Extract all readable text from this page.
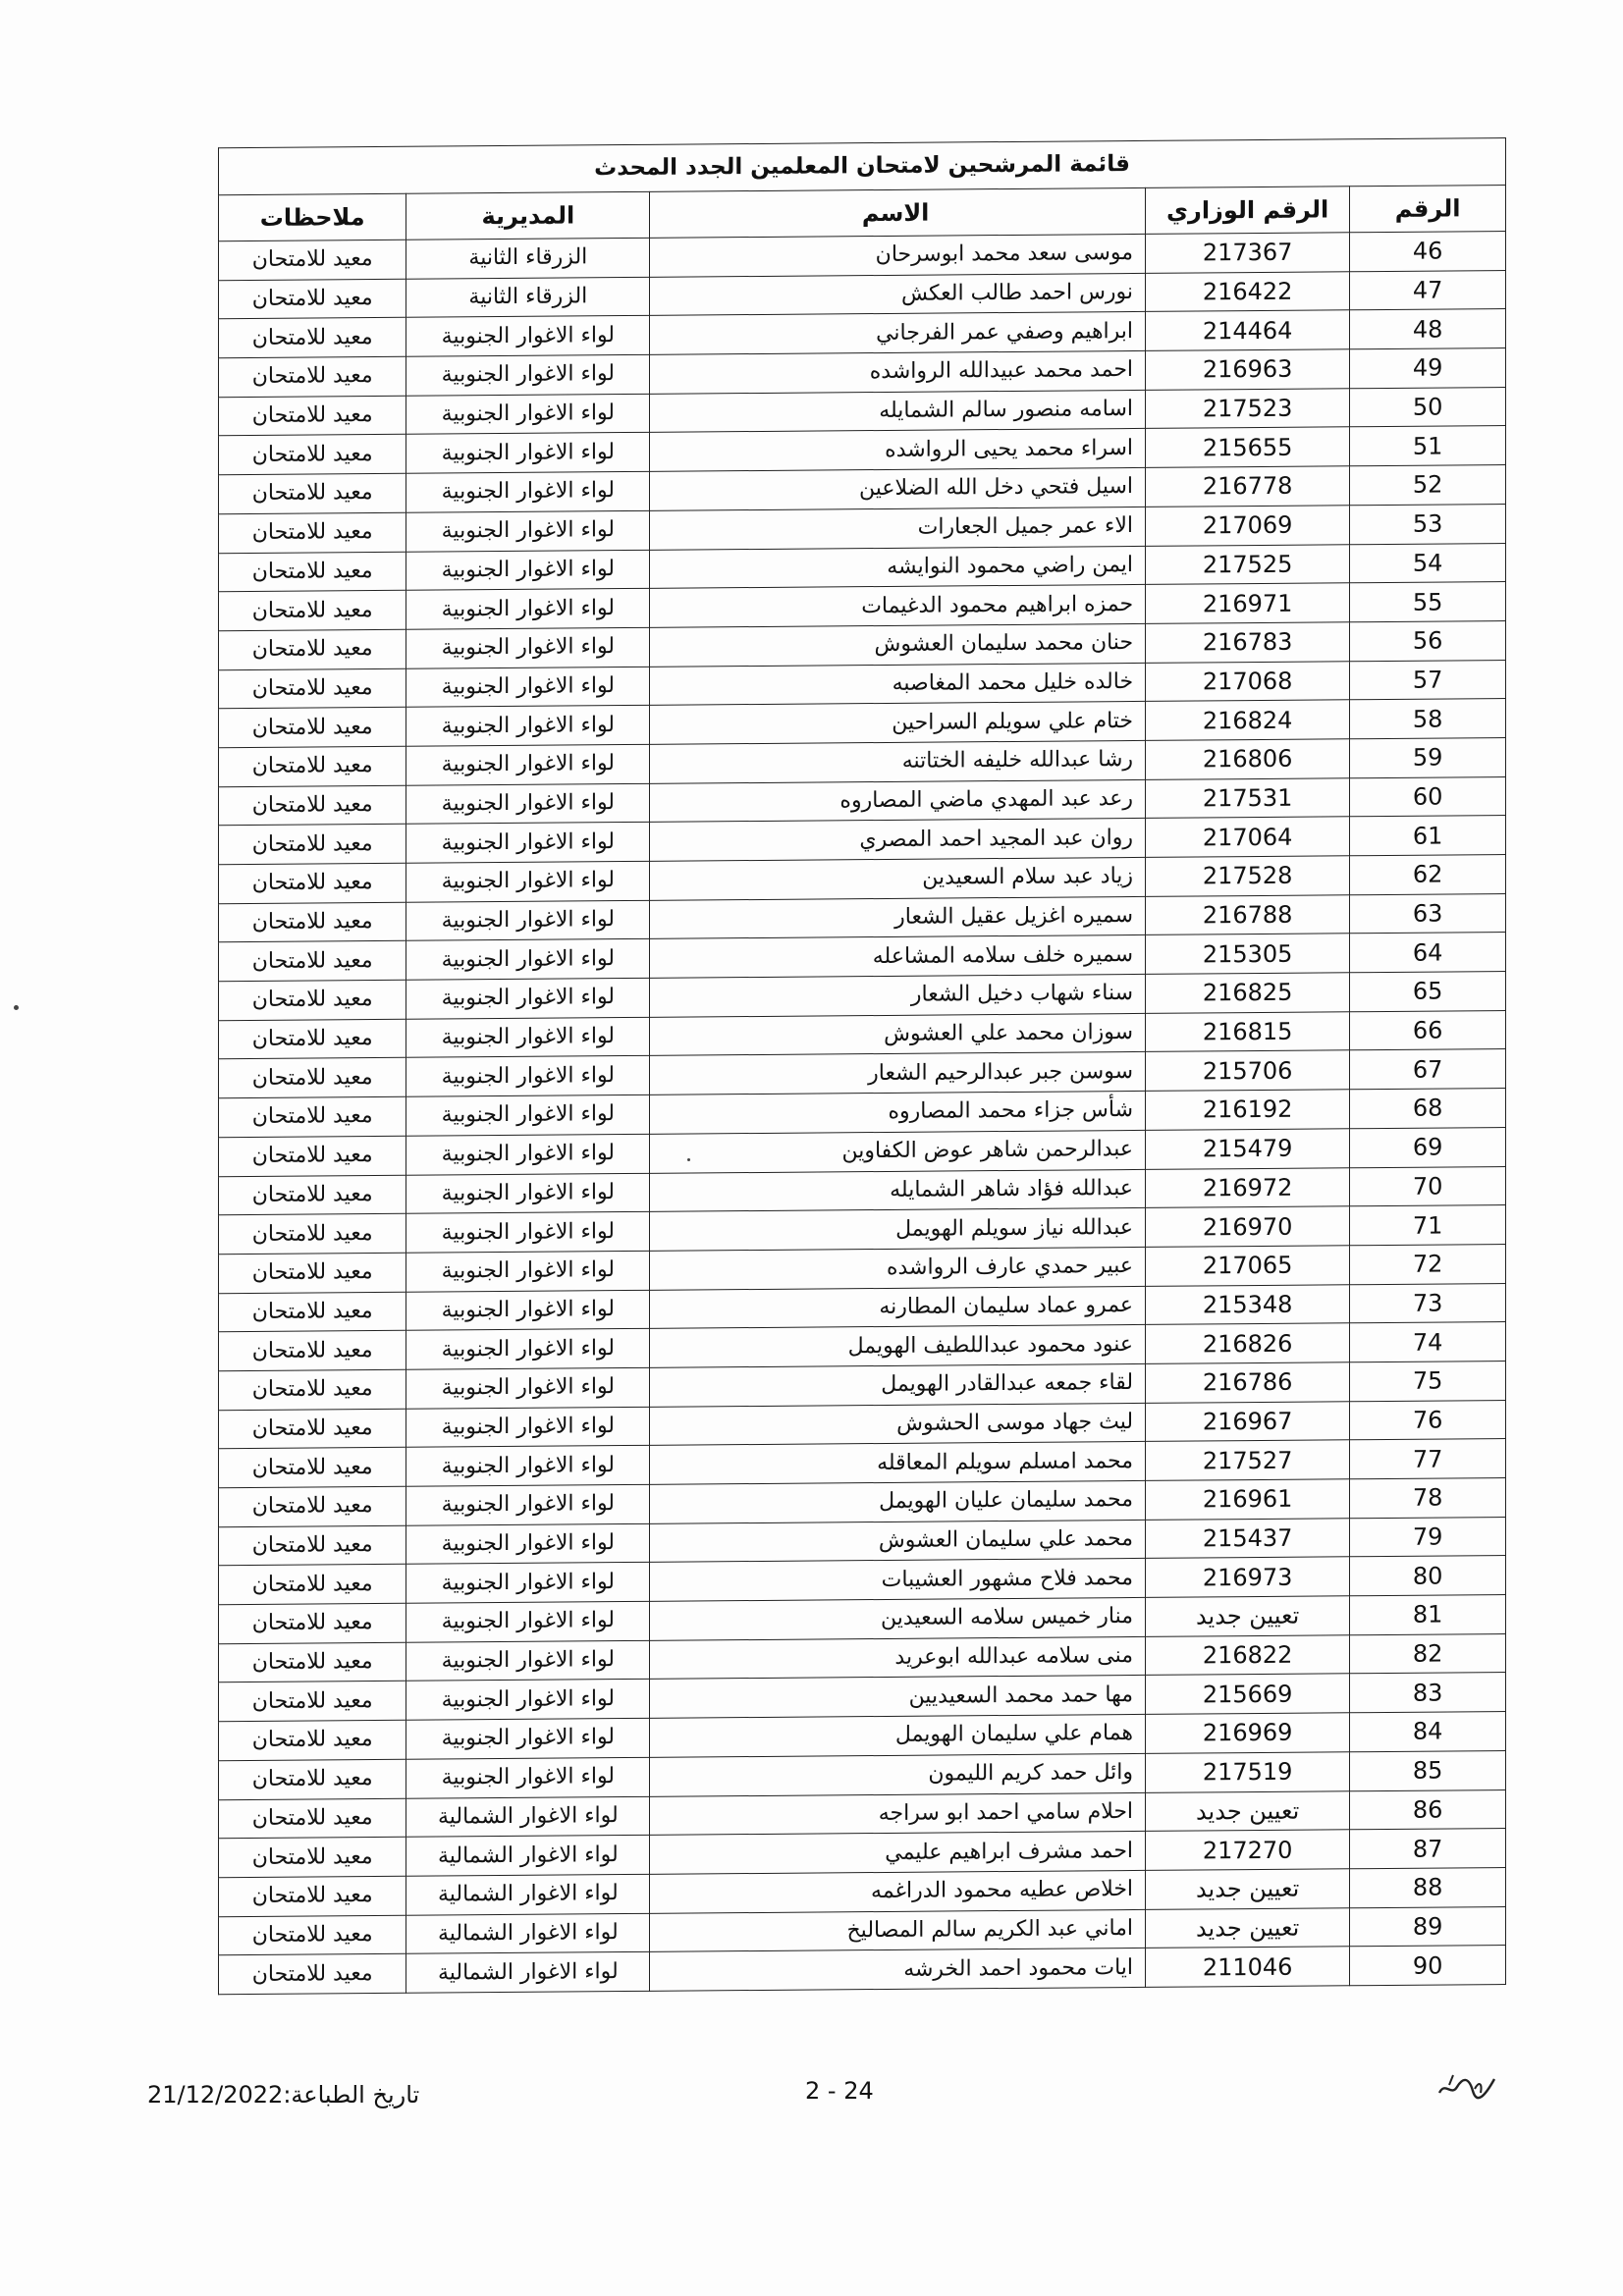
قائمة المرشحين لامتحان المعلمين الجدد المحدث				
الرقم	الرقم الوزاري	الاسم	المديرية	ملاحظات
46	217367	موسى سعد محمد ابوسرحان	الزرقاء الثانية	معيد للامتحان
47	216422	نورس احمد طالب العكش	الزرقاء الثانية	معيد للامتحان
48	214464	ابراهيم وصفي عمر الفرجاني	لواء الاغوار الجنوبية	معيد للامتحان
49	216963	احمد محمد عبيدالله الرواشده	لواء الاغوار الجنوبية	معيد للامتحان
50	217523	اسامه منصور سالم الشمايله	لواء الاغوار الجنوبية	معيد للامتحان
51	215655	اسراء محمد يحيى الرواشده	لواء الاغوار الجنوبية	معيد للامتحان
52	216778	اسيل فتحي دخل الله الضلاعين	لواء الاغوار الجنوبية	معيد للامتحان
53	217069	الاء عمر جميل الجعارات	لواء الاغوار الجنوبية	معيد للامتحان
54	217525	ايمن راضي محمود النوايشه	لواء الاغوار الجنوبية	معيد للامتحان
55	216971	حمزه ابراهيم محمود الدغيمات	لواء الاغوار الجنوبية	معيد للامتحان
56	216783	حنان محمد سليمان العشوش	لواء الاغوار الجنوبية	معيد للامتحان
57	217068	خالده خليل محمد المغاصبه	لواء الاغوار الجنوبية	معيد للامتحان
58	216824	ختام علي سويلم السراحين	لواء الاغوار الجنوبية	معيد للامتحان
59	216806	رشا عبدالله خليفه الختاتنه	لواء الاغوار الجنوبية	معيد للامتحان
60	217531	رعد عبد المهدي ماضي المصاروه	لواء الاغوار الجنوبية	معيد للامتحان
61	217064	روان عبد المجيد احمد المصري	لواء الاغوار الجنوبية	معيد للامتحان
62	217528	زياد عبد سلام السعيدين	لواء الاغوار الجنوبية	معيد للامتحان
63	216788	سميره اغزيل عقيل الشعار	لواء الاغوار الجنوبية	معيد للامتحان
64	215305	سميره خلف سلامه المشاعله	لواء الاغوار الجنوبية	معيد للامتحان
65	216825	سناء شهاب دخيل الشعار	لواء الاغوار الجنوبية	معيد للامتحان
66	216815	سوزان محمد علي العشوش	لواء الاغوار الجنوبية	معيد للامتحان
67	215706	سوسن جبر عبدالرحيم الشعار	لواء الاغوار الجنوبية	معيد للامتحان
68	216192	شأس جزاء محمد المصاروه	لواء الاغوار الجنوبية	معيد للامتحان
69	215479	عبدالرحمن شاهر عوض الكفاوين	لواء الاغوار الجنوبية	معيد للامتحان
70	216972	عبدالله فؤاد شاهر الشمايله	لواء الاغوار الجنوبية	معيد للامتحان
71	216970	عبدالله نياز سويلم الهويمل	لواء الاغوار الجنوبية	معيد للامتحان
72	217065	عبير حمدي عارف الرواشده	لواء الاغوار الجنوبية	معيد للامتحان
73	215348	عمرو عماد سليمان المطارنه	لواء الاغوار الجنوبية	معيد للامتحان
74	216826	عنود محمود عبداللطيف الهويمل	لواء الاغوار الجنوبية	معيد للامتحان
75	216786	لقاء جمعه عبدالقادر الهويمل	لواء الاغوار الجنوبية	معيد للامتحان
76	216967	ليث جهاد موسى الحشوش	لواء الاغوار الجنوبية	معيد للامتحان
77	217527	محمد امسلم سويلم المعاقله	لواء الاغوار الجنوبية	معيد للامتحان
78	216961	محمد سليمان عليان الهويمل	لواء الاغوار الجنوبية	معيد للامتحان
79	215437	محمد علي سليمان العشوش	لواء الاغوار الجنوبية	معيد للامتحان
80	216973	محمد فلاح مشهور العشيبات	لواء الاغوار الجنوبية	معيد للامتحان
81	تعيين جديد	منار خميس سلامه السعيدين	لواء الاغوار الجنوبية	معيد للامتحان
82	216822	منى سلامه عبدالله ابوعريد	لواء الاغوار الجنوبية	معيد للامتحان
83	215669	مها حمد محمد السعيديين	لواء الاغوار الجنوبية	معيد للامتحان
84	216969	همام علي سليمان الهويمل	لواء الاغوار الجنوبية	معيد للامتحان
85	217519	وائل حمد كريم الليمون	لواء الاغوار الجنوبية	معيد للامتحان
86	تعيين جديد	احلام سامي احمد ابو سراجه	لواء الاغوار الشمالية	معيد للامتحان
87	217270	احمد مشرف ابراهيم عليمي	لواء الاغوار الشمالية	معيد للامتحان
88	تعيين جديد	اخلاص عطيه محمود الدراغمه	لواء الاغوار الشمالية	معيد للامتحان
89	تعيين جديد	اماني عبد الكريم سالم المصاليخ	لواء الاغوار الشمالية	معيد للامتحان
90	211046	ايات محمود احمد الخرشه	لواء الاغوار الشمالية	معيد للامتحان
2 - 24
تاريخ الطباعة:21/12/2022
